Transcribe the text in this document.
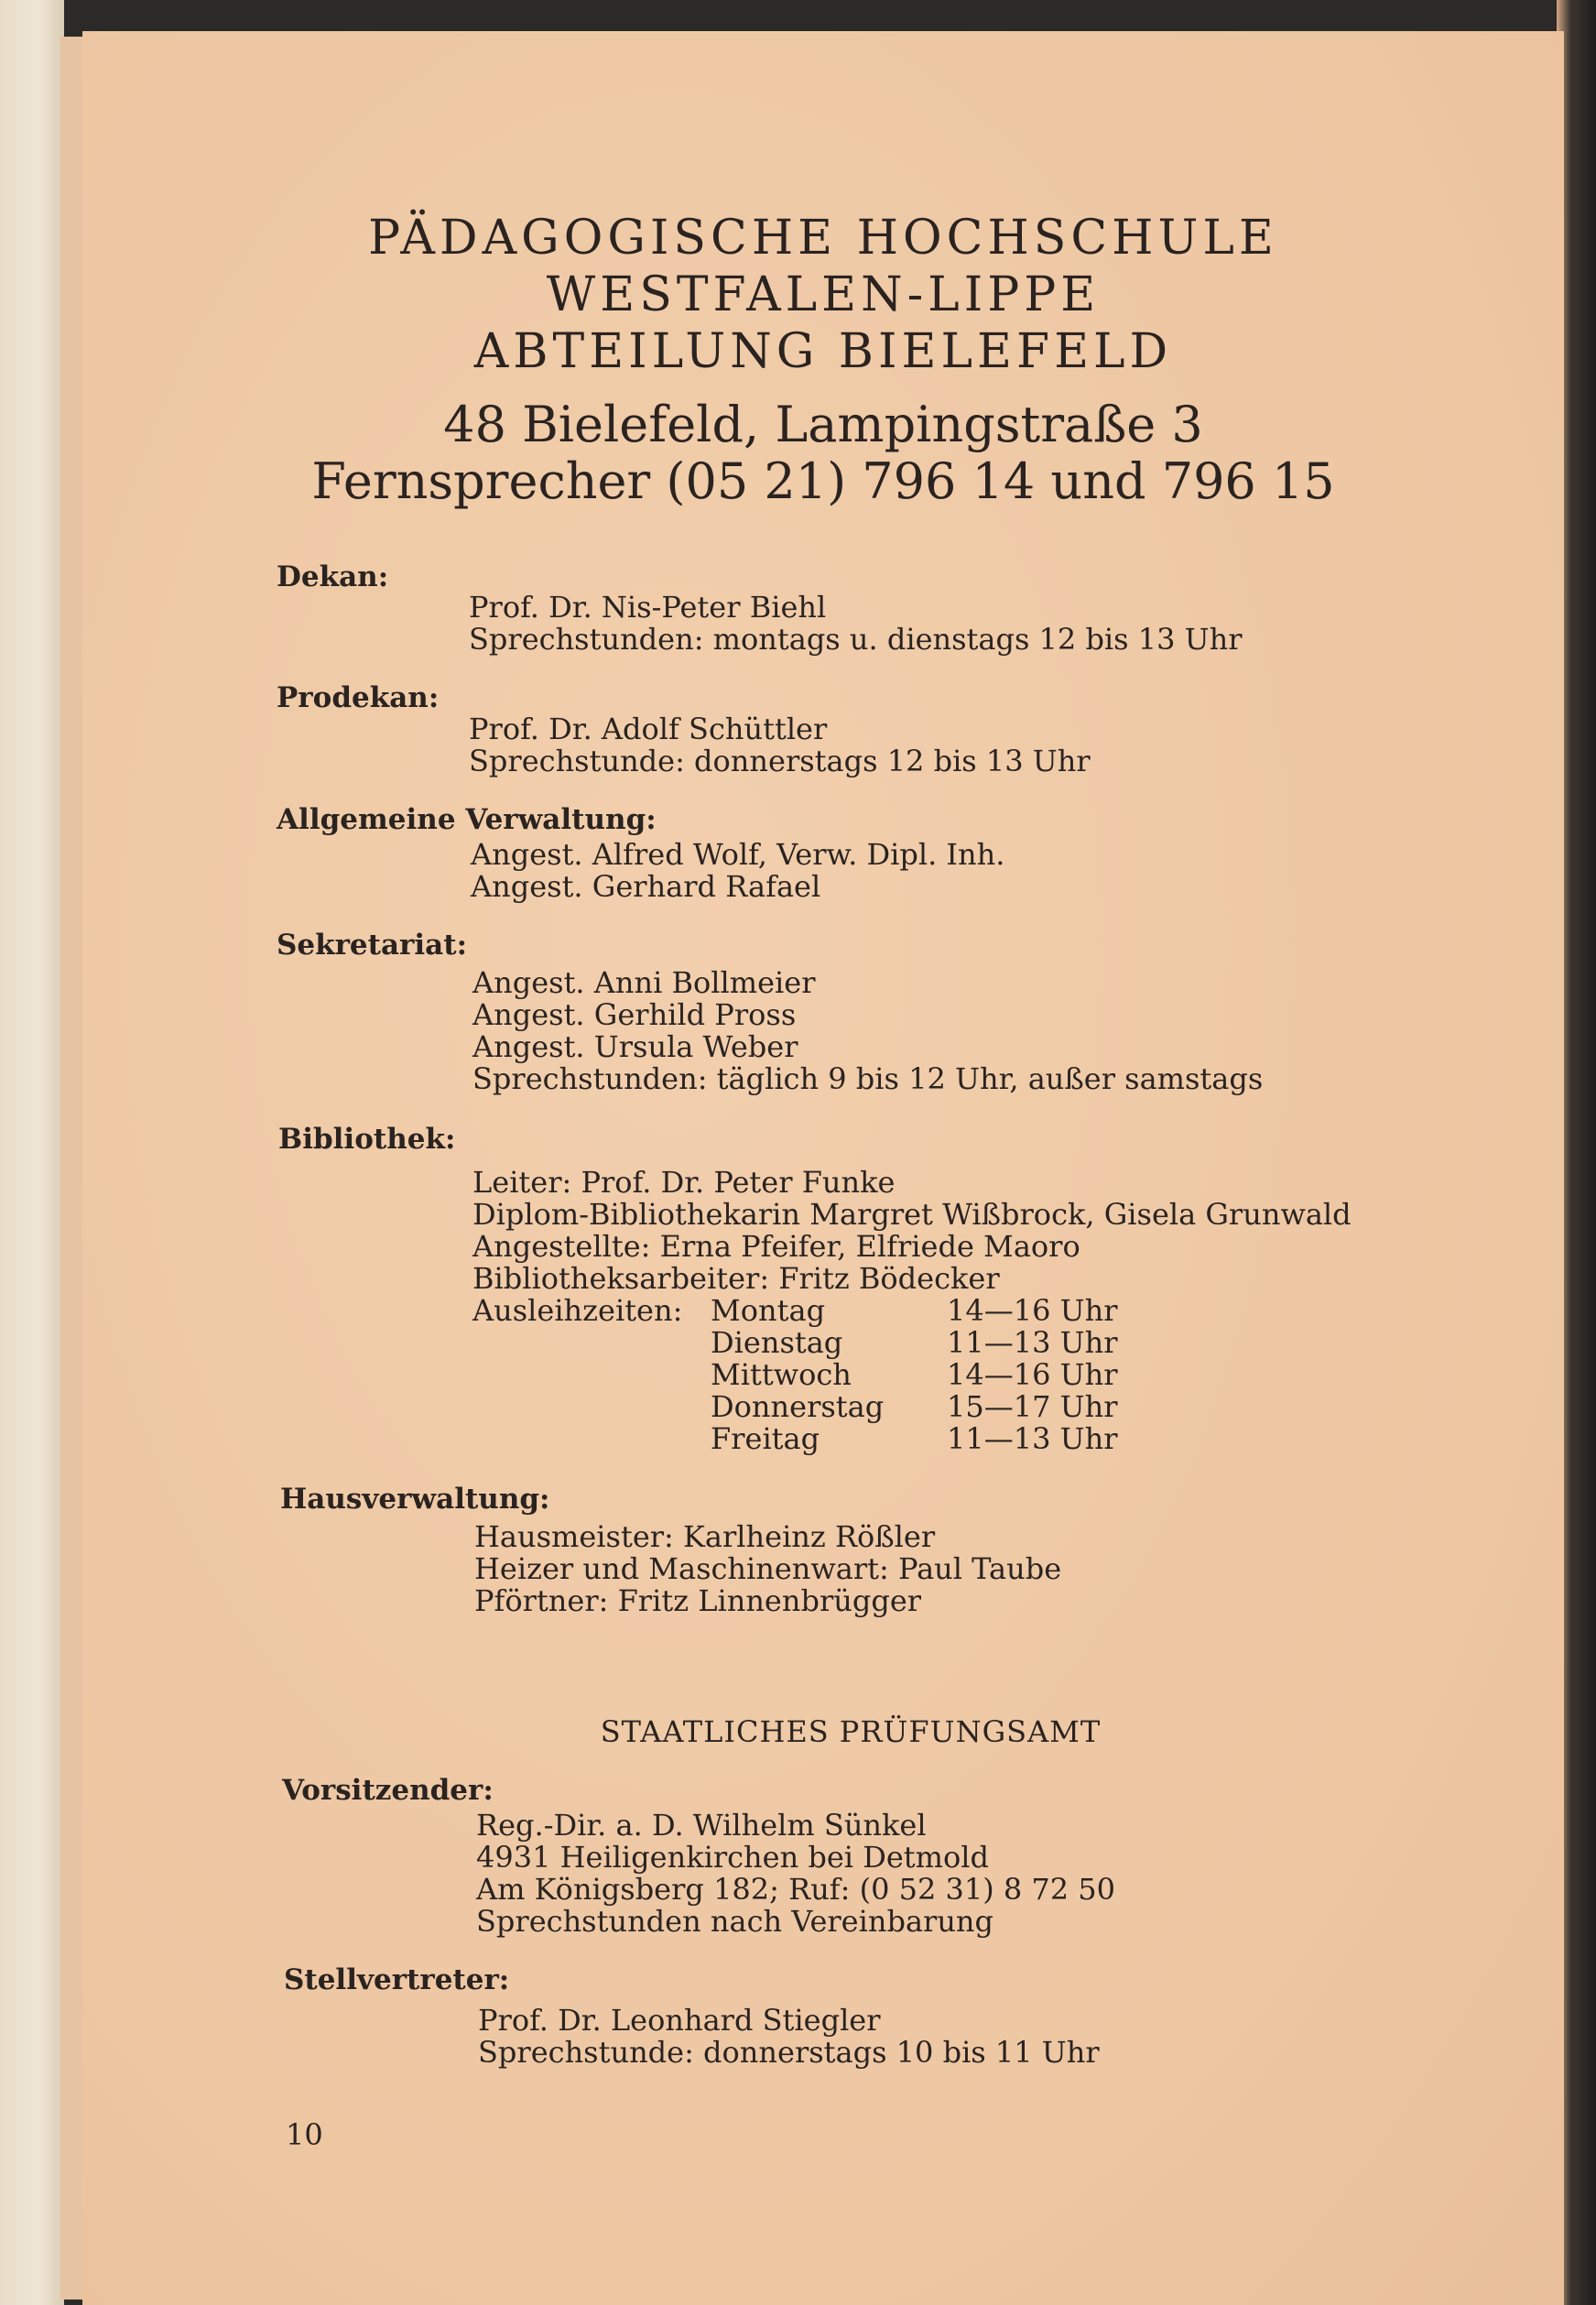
PÄDAGOGISCHE HOCHSCHULE
WESTFALEN-LIPPE
ABTEILUNG BIELEFELD
48 Bielefeld, Lampingstraße 3
Fernsprecher (05 21) 796 14 und 796 15
Dekan:
Prof. Dr. Nis-Peter Biehl
Sprechstunden: montags u. dienstags 12 bis 13 Uhr
Prodekan:
Prof. Dr. Adolf Schüttler
Sprechstunde: donnerstags 12 bis 13 Uhr
Allgemeine Verwaltung:
Angest. Alfred Wolf, Verw. Dipl. Inh.
Angest. Gerhard Rafael
Sekretariat:
Angest. Anni Bollmeier
Angest. Gerhild Pross
Angest. Ursula Weber
Sprechstunden: täglich 9 bis 12 Uhr, außer samstags
Bibliothek:
Leiter: Prof. Dr. Peter Funke
Diplom-Bibliothekarin Margret Wißbrock, Gisela Grunwald
Angestellte: Erna Pfeifer, Elfriede Maoro
Bibliotheksarbeiter: Fritz Bödecker
Ausleihzeiten: Montag	14—16 Uhr
Dienstag	11—13 Uhr
Mittwoch	14—16 Uhr
Donnerstag 15—17 Uhr
Freitag	11—13 Uhr
Hausverwaltung:
Hausmeister: Karlheinz Rößler
Heizer und Maschinenwart: Paul Taube
Pförtner: Fritz Linnenbrügger
STAATLICHES PRÜFUNGSAMT
Vorsitzender:
Reg.-Dir. a. D. Wilhelm Sünkel
4931 Heiligenkirchen bei Detmold
Am Königsberg 182; Ruf: (0 52 31) 8 72 50
Sprechstunden nach Vereinbarung
Stellvertreter:
Prof. Dr. Leonhard Stiegler
Sprechstunde: donnerstags 10 bis 11 Uhr
10
